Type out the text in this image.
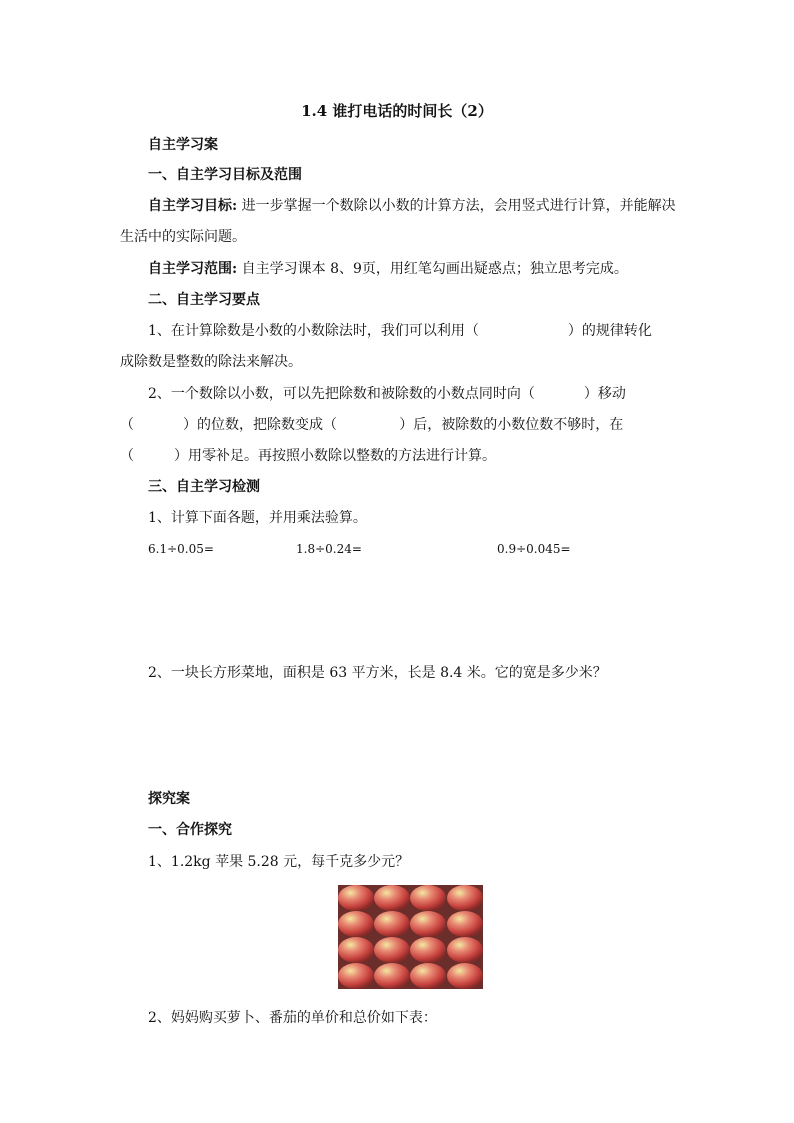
1.4 谁打电话的时间长（2）
自主学习案
一、自主学习目标及范围
自主学习目标: 进一步掌握一个数除以小数的计算方法，会用竖式进行计算，并能解决
生活中的实际问题。
自主学习范围: 自主学习课本 8、9页，用红笔勾画出疑惑点；独立思考完成。
二、自主学习要点
1、在计算除数是小数的小数除法时，我们可以利用（                    ）的规律转化
成除数是整数的除法来解决。
2、一个数除以小数，可以先把除数和被除数的小数点同时向（           ）移动
（           ）的位数，把除数变成（              ）后，被除数的小数位数不够时，在
（         ）用零补足。再按照小数除以整数的方法进行计算。
三、自主学习检测
1、计算下面各题，并用乘法验算。
6.1÷0.05=	1.8÷0.24=	0.9÷0.045=
2、一块长方形菜地，面积是 63 平方米，长是 8.4 米。它的宽是多少米？
探究案
一、合作探究
1、1.2kg 苹果 5.28 元，每千克多少元？
2、妈妈购买萝卜、番茄的单价和总价如下表：
